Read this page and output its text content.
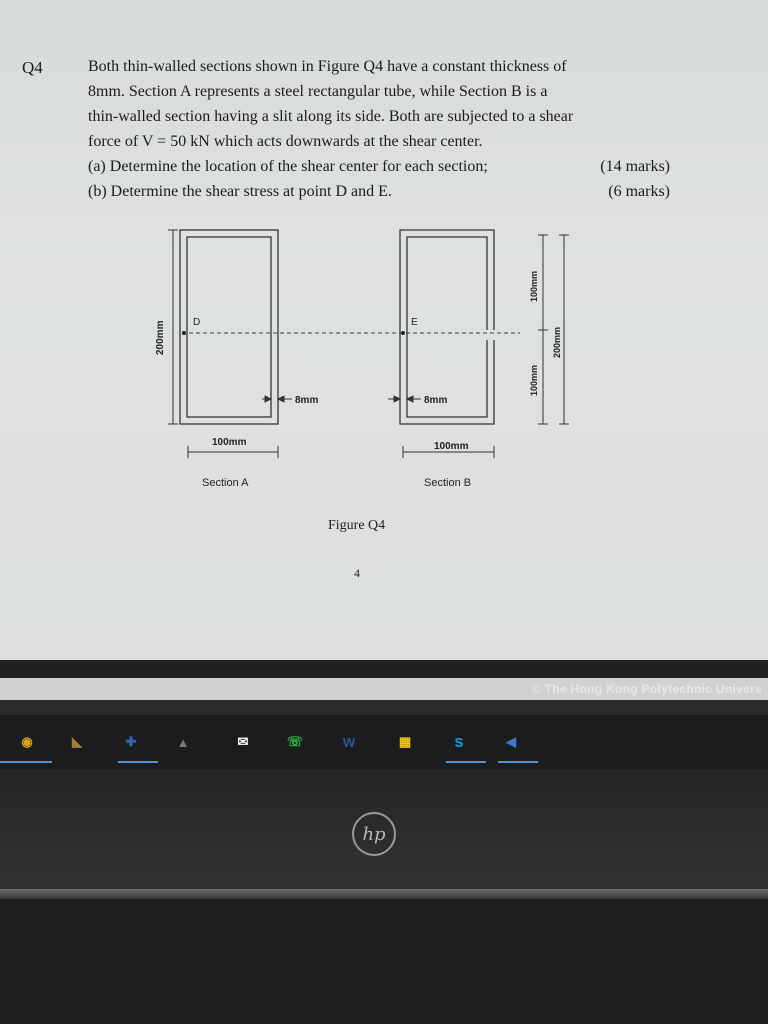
Q4	Both thin-walled sections shown in Figure Q4 have a constant thickness of
8mm. Section A represents a steel rectangular tube, while Section B is a
thin-walled section having a slit along its side. Both are subjected to a shear
force of V = 50 kN which acts downwards at the shear center.
(a) Determine the location of the shear center for each section;	(14 marks)
(b) Determine the shear stress at point D and E.	(6 marks)
D	E
200mm
8mm	8mm
100mm	100mm
100mm
100mm
200mm
Section A	Section B
Figure Q4
4
© The Hong Kong Polytechnic Univers
◉	◣	✚	▲	✉	☏	W	▦	S	◀
hp
